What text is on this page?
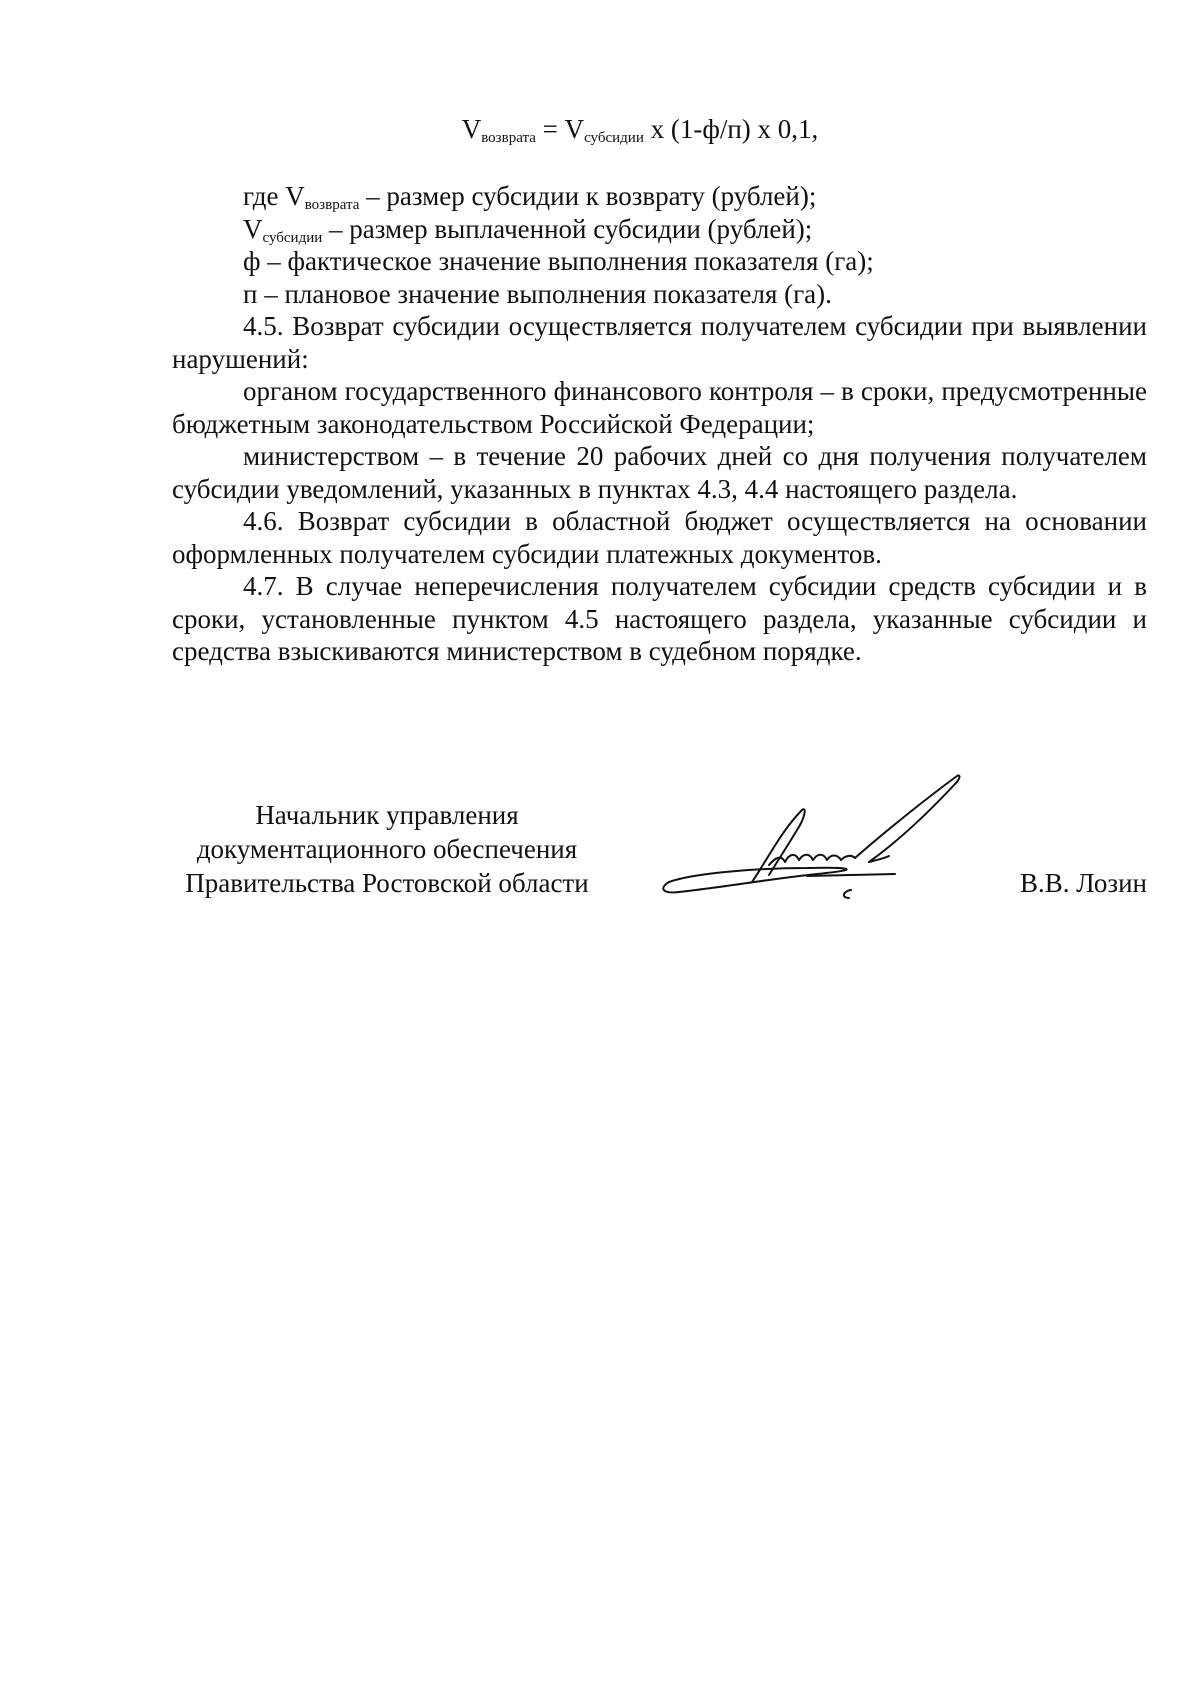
$V_{возврата} = V_{субсидии}$ x (1-ф/п) x 0,1,

где $V_{возврата}$ – размер субсидии к возврату (рублей);

$V_{субсидии}$ – размер выплаченной субсидии (рублей);

ф – фактическое значение выполнения показателя (га);

п – плановое значение выполнения показателя (га).

4.5. Возврат субсидии осуществляется получателем субсидии при выявлении нарушений:

органом государственного финансового контроля – в сроки, предусмотренные бюджетным законодательством Российской Федерации;

министерством – в течение 20 рабочих дней со дня получения получателем субсидии уведомлений, указанных в пунктах 4.3, 4.4 настоящего раздела.

4.6. Возврат субсидии в областной бюджет осуществляется на основании оформленных получателем субсидии платежных документов.

4.7. В случае неперечисления получателем субсидии средств субсидии и в сроки, установленные пунктом 4.5 настоящего раздела, указанные субсидии и средства взыскиваются министерством в судебном порядке.

Начальник управления
документационного обеспечения
Правительства Ростовской области	В.В. Лозин
